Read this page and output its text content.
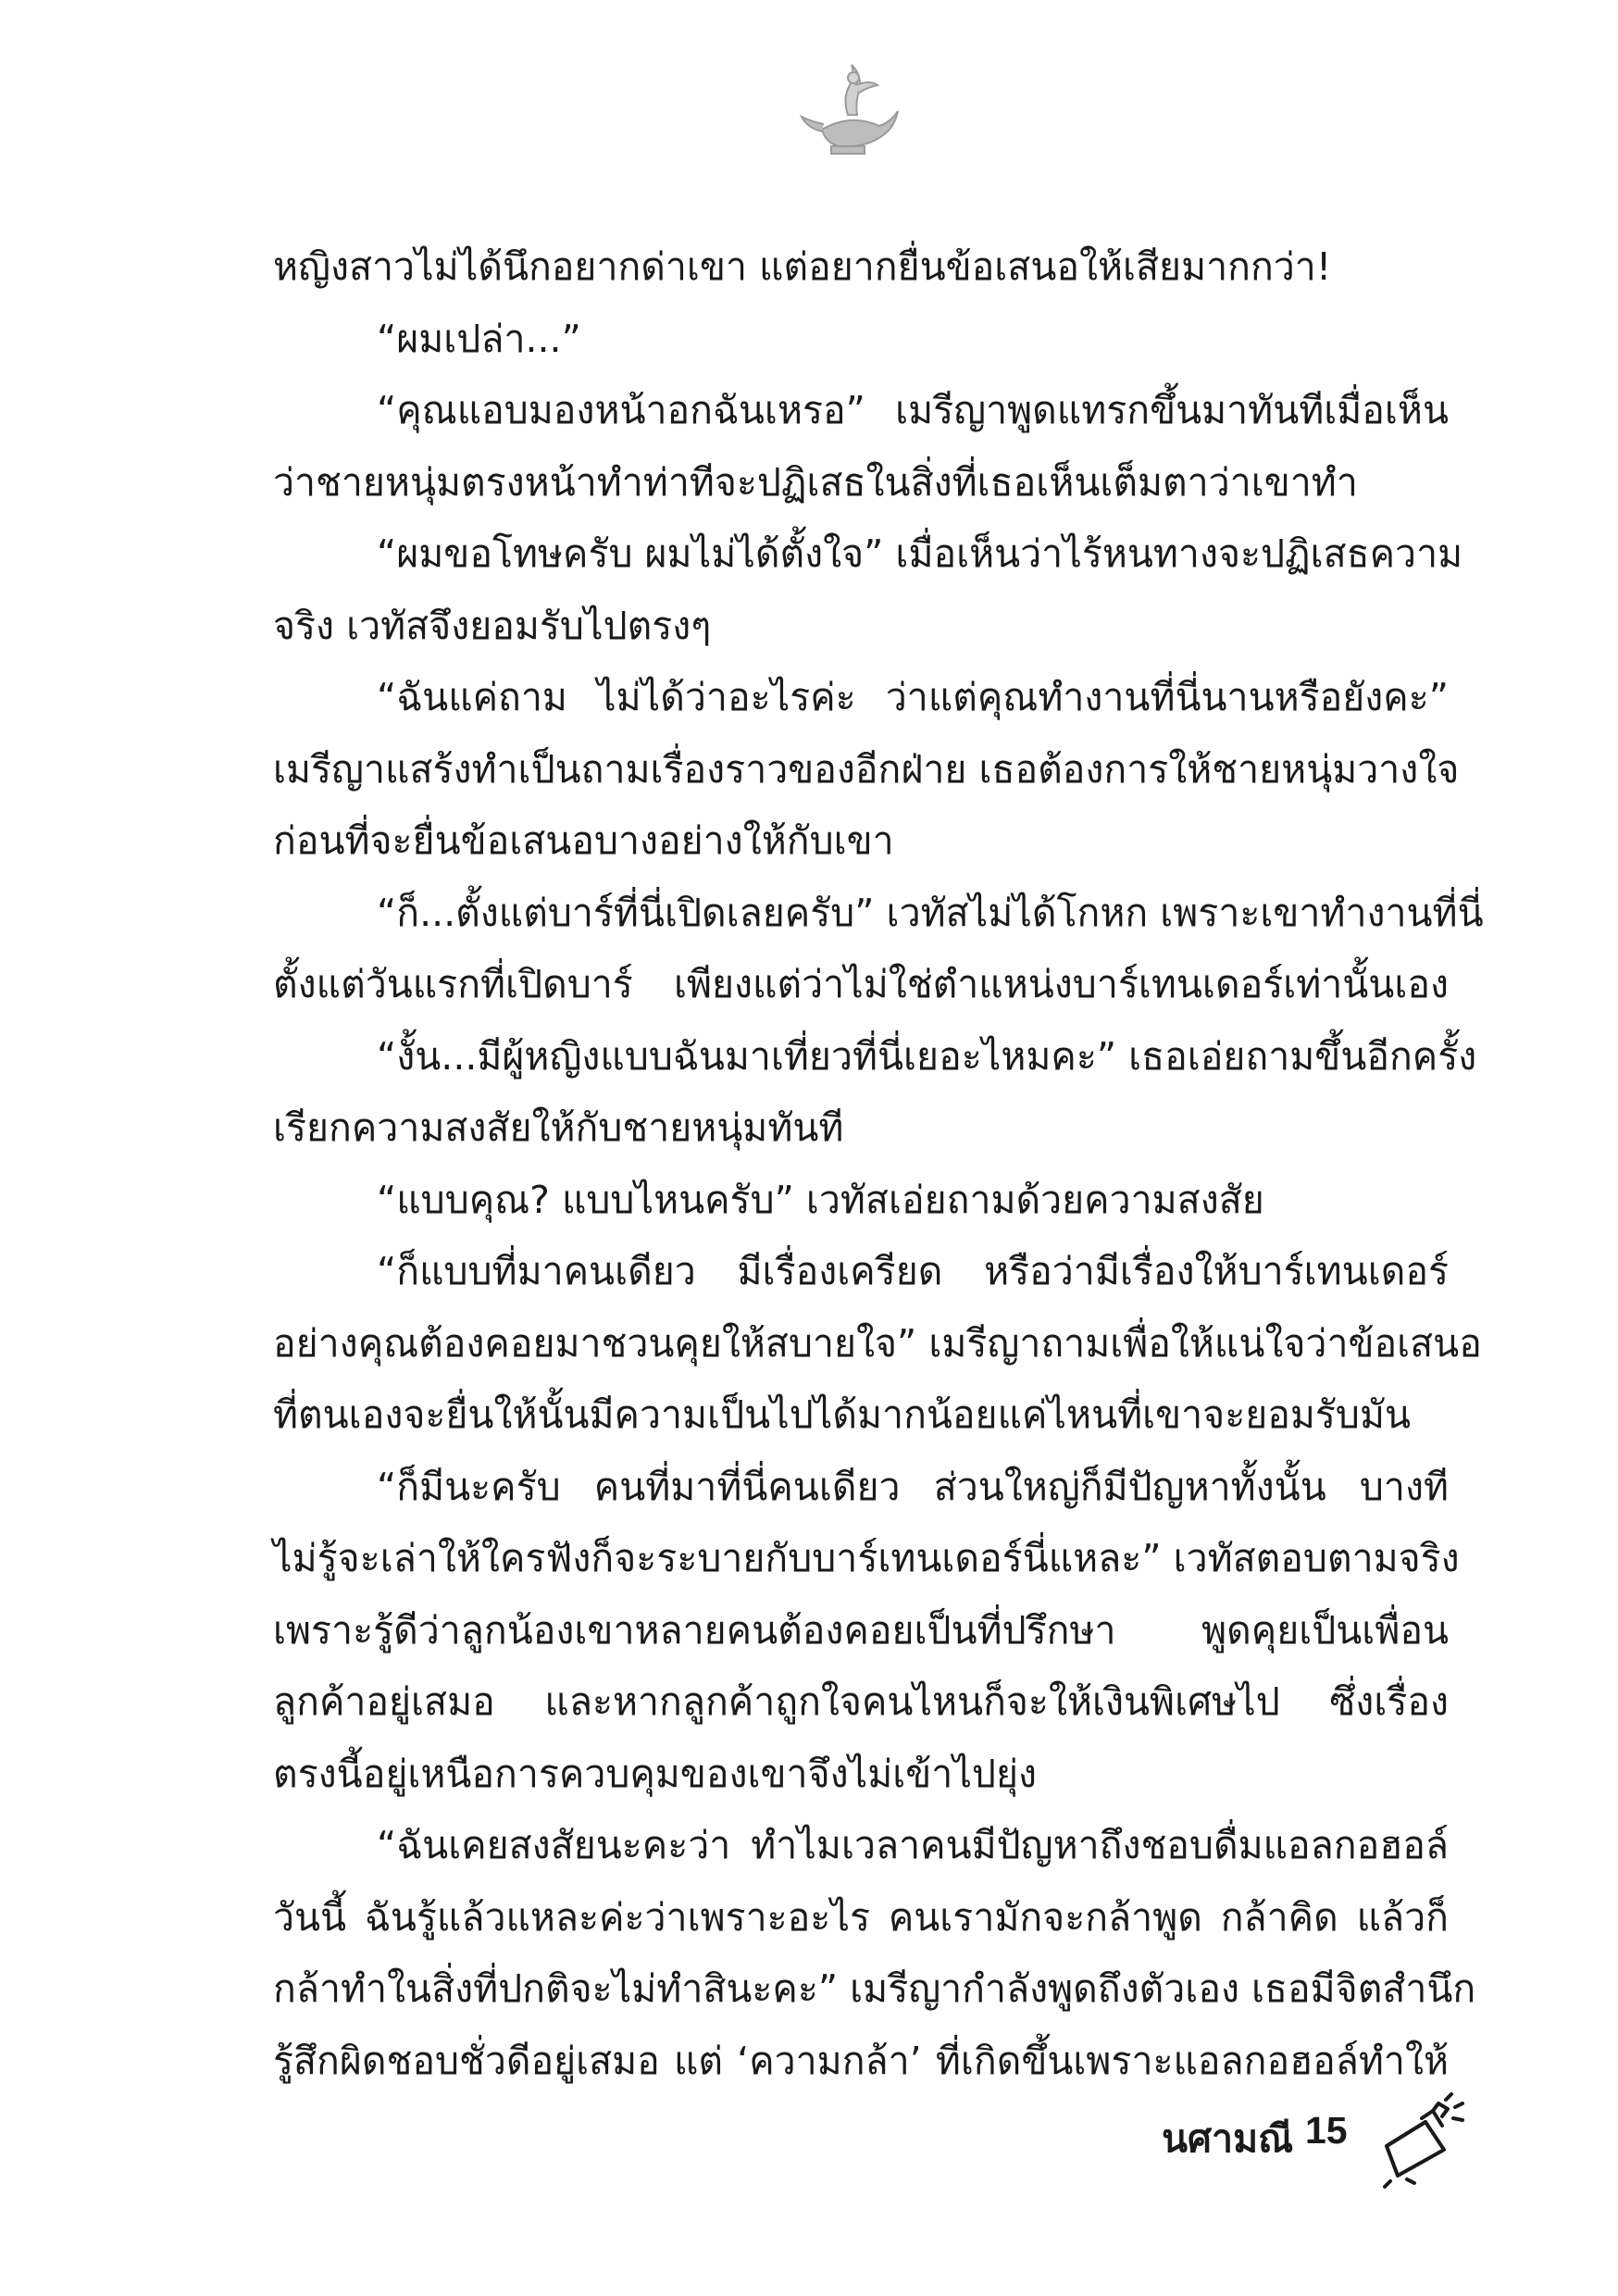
หญิงสาวไม่ได้นึกอยากด่าเขา แต่อยากยื่นข้อเสนอให้เสียมากกว่า!
“ผมเปล่า...”
“คุณแอบมองหน้าอกฉันเหรอ” เมรีญาพูดแทรกขึ้นมาทันทีเมื่อเห็น
ว่าชายหนุ่มตรงหน้าทำท่าทีจะปฏิเสธในสิ่งที่เธอเห็นเต็มตาว่าเขาทำ
“ผมขอโทษครับ ผมไม่ได้ตั้งใจ” เมื่อเห็นว่าไร้หนทางจะปฏิเสธความ
จริง เวทัสจึงยอมรับไปตรงๆ
“ฉันแค่ถาม ไม่ได้ว่าอะไรค่ะ ว่าแต่คุณทำงานที่นี่นานหรือยังคะ”
เมรีญาแสร้งทำเป็นถามเรื่องราวของอีกฝ่าย เธอต้องการให้ชายหนุ่มวางใจ
ก่อนที่จะยื่นข้อเสนอบางอย่างให้กับเขา
“ก็...ตั้งแต่บาร์ที่นี่เปิดเลยครับ” เวทัสไม่ได้โกหก เพราะเขาทำงานที่นี่
ตั้งแต่วันแรกที่เปิดบาร์ เพียงแต่ว่าไม่ใช่ตำแหน่งบาร์เทนเดอร์เท่านั้นเอง
“งั้น...มีผู้หญิงแบบฉันมาเที่ยวที่นี่เยอะไหมคะ” เธอเอ่ยถามขึ้นอีกครั้ง
เรียกความสงสัยให้กับชายหนุ่มทันที
“แบบคุณ? แบบไหนครับ” เวทัสเอ่ยถามด้วยความสงสัย
“ก็แบบที่มาคนเดียว มีเรื่องเครียด หรือว่ามีเรื่องให้บาร์เทนเดอร์
อย่างคุณต้องคอยมาชวนคุยให้สบายใจ” เมรีญาถามเพื่อให้แน่ใจว่าข้อเสนอ
ที่ตนเองจะยื่นให้นั้นมีความเป็นไปได้มากน้อยแค่ไหนที่เขาจะยอมรับมัน
“ก็มีนะครับ คนที่มาที่นี่คนเดียว ส่วนใหญ่ก็มีปัญหาทั้งนั้น บางที
ไม่รู้จะเล่าให้ใครฟังก็จะระบายกับบาร์เทนเดอร์นี่แหละ” เวทัสตอบตามจริง
เพราะรู้ดีว่าลูกน้องเขาหลายคนต้องคอยเป็นที่ปรึกษา พูดคุยเป็นเพื่อน
ลูกค้าอยู่เสมอ และหากลูกค้าถูกใจคนไหนก็จะให้เงินพิเศษไป ซึ่งเรื่อง
ตรงนี้อยู่เหนือการควบคุมของเขาจึงไม่เข้าไปยุ่ง
“ฉันเคยสงสัยนะคะว่า ทำไมเวลาคนมีปัญหาถึงชอบดื่มแอลกอฮอล์
วันนี้ ฉันรู้แล้วแหละค่ะว่าเพราะอะไร คนเรามักจะกล้าพูด กล้าคิด แล้วก็
กล้าทำในสิ่งที่ปกติจะไม่ทำสินะคะ” เมรีญากำลังพูดถึงตัวเอง เธอมีจิตสำนึก
รู้สึกผิดชอบชั่วดีอยู่เสมอ แต่ ‘ความกล้า’ ที่เกิดขึ้นเพราะแอลกอฮอล์ทำให้
นศามณี 15
